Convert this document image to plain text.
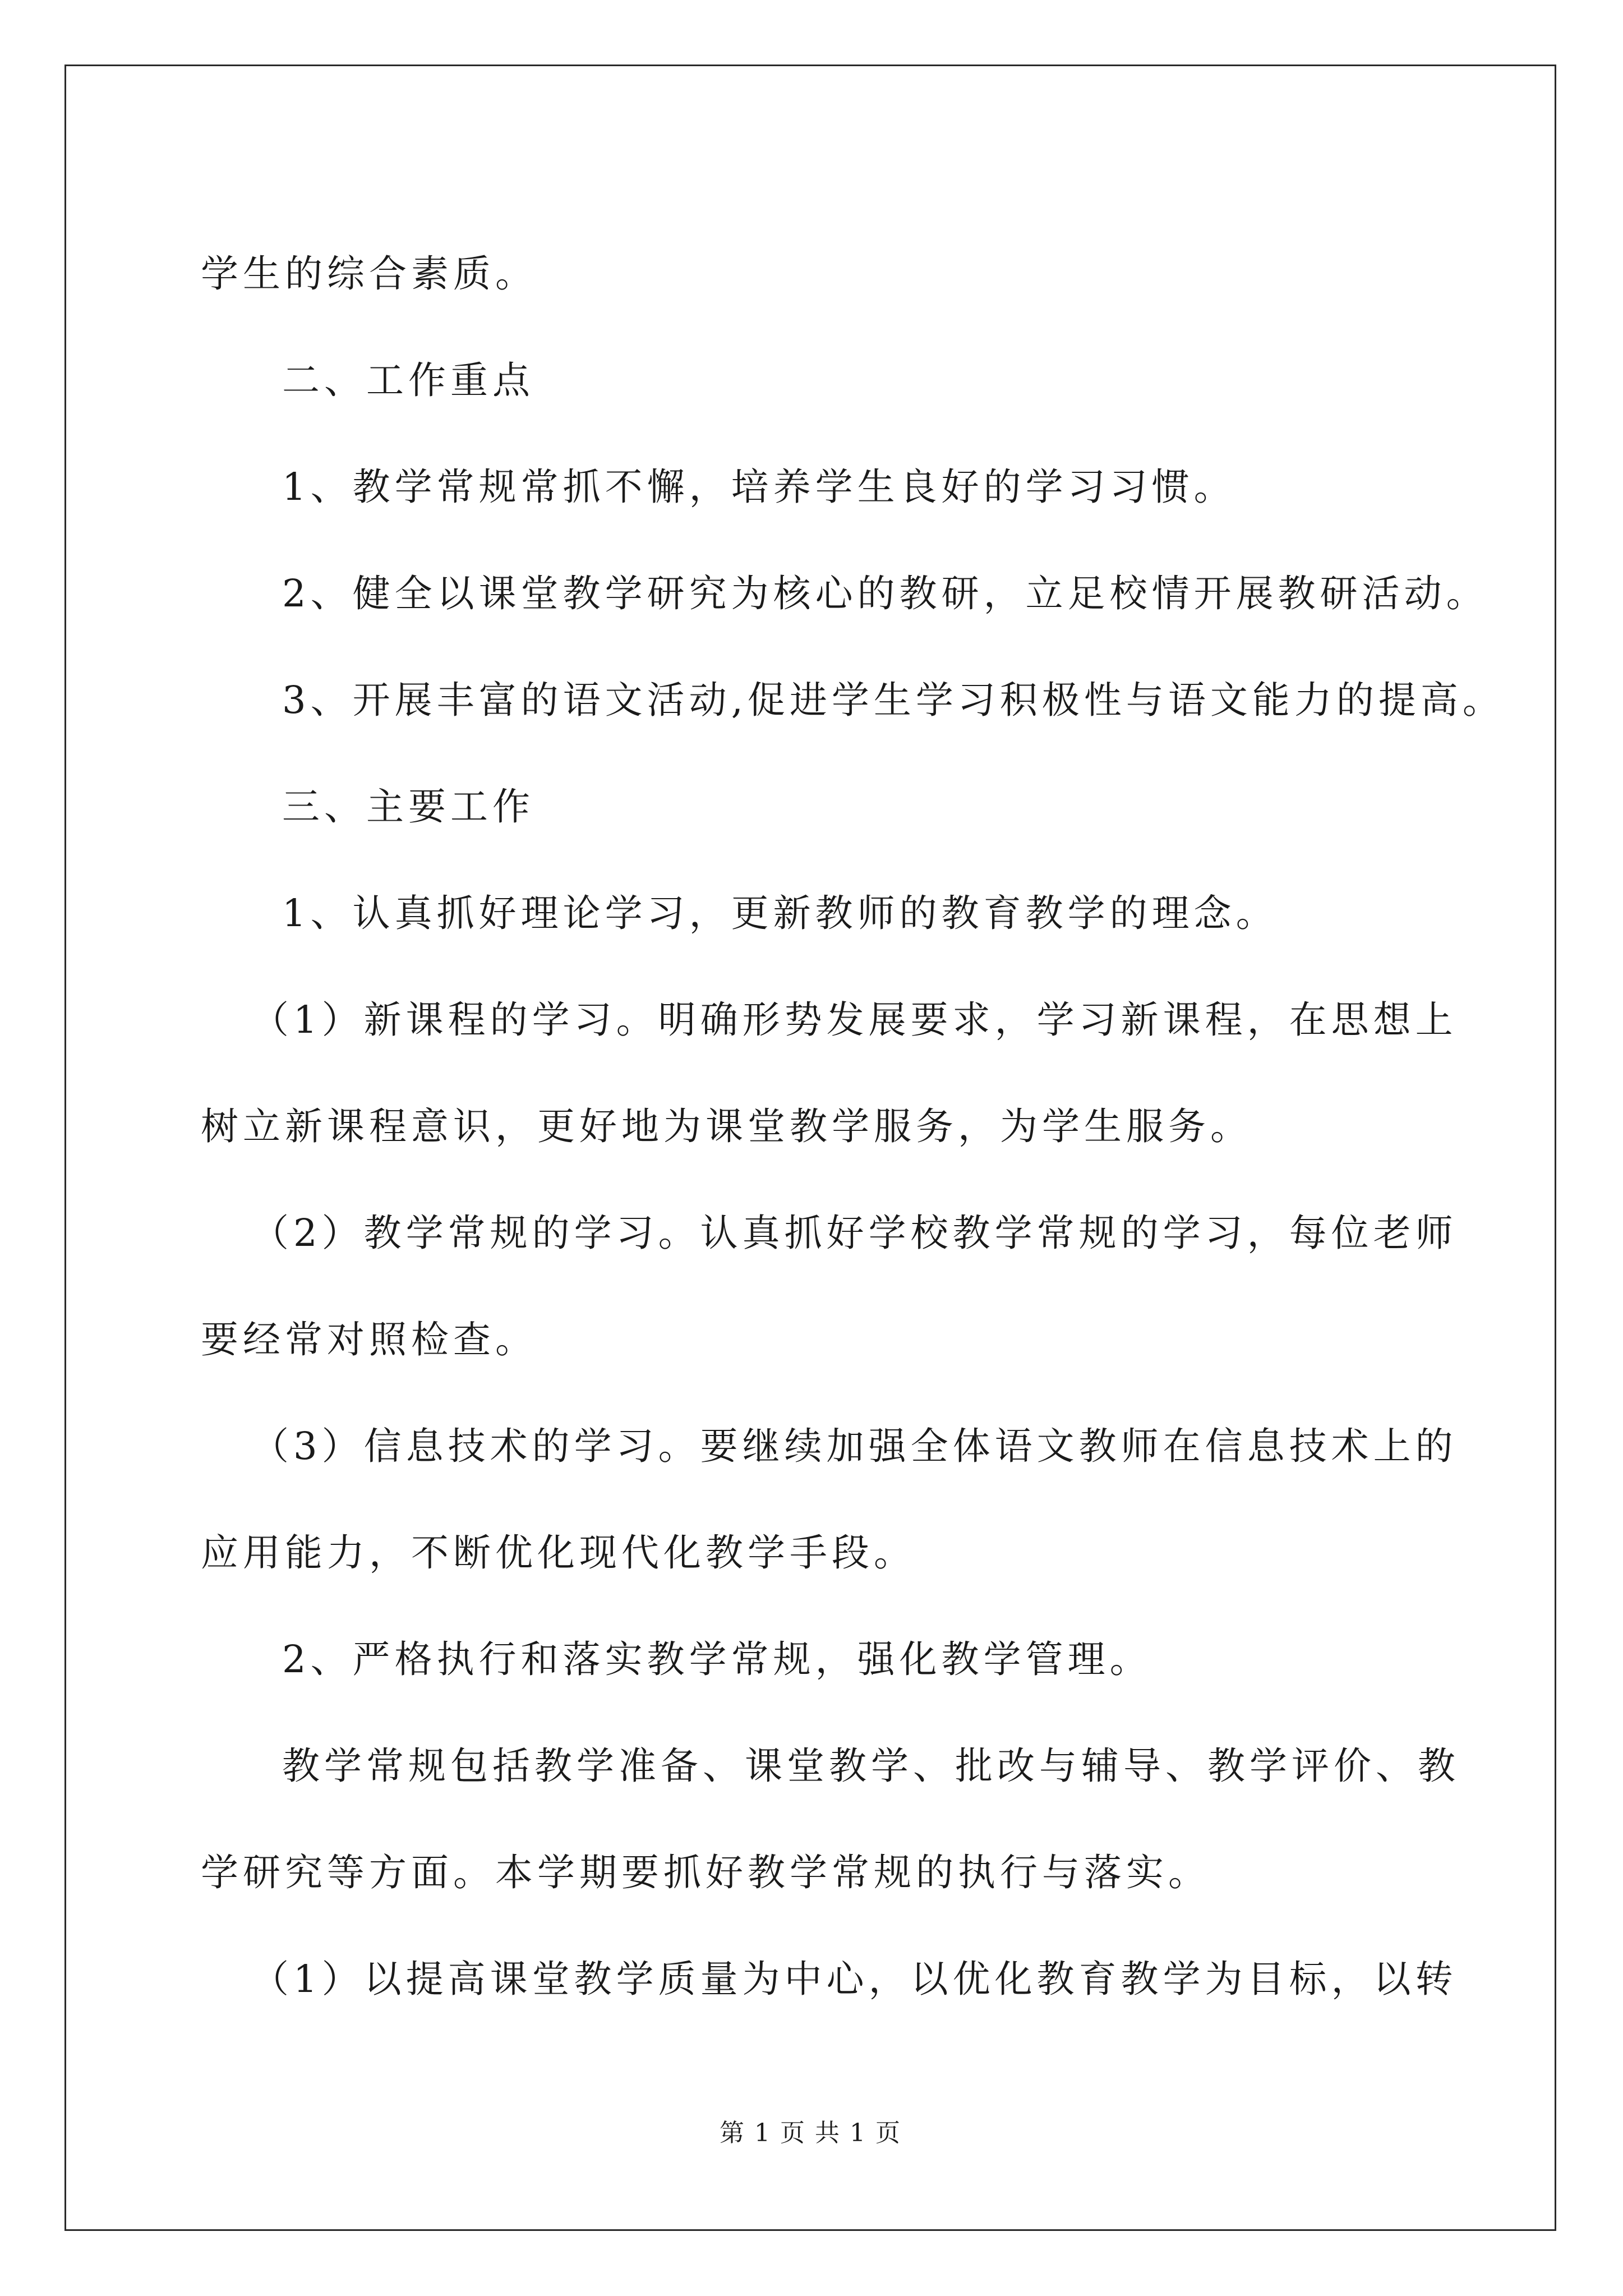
学生的综合素质。
二、工作重点
1、教学常规常抓不懈，培养学生良好的学习习惯。
2、健全以课堂教学研究为核心的教研，立足校情开展教研活动。
3、开展丰富的语文活动,促进学生学习积极性与语文能力的提高。
三、主要工作
1、认真抓好理论学习，更新教师的教育教学的理念。
（1）新课程的学习。明确形势发展要求，学习新课程，在思想上
树立新课程意识，更好地为课堂教学服务，为学生服务。
（2）教学常规的学习。认真抓好学校教学常规的学习，每位老师
要经常对照检查。
（3）信息技术的学习。要继续加强全体语文教师在信息技术上的
应用能力，不断优化现代化教学手段。
2、严格执行和落实教学常规，强化教学管理。
教学常规包括教学准备、课堂教学、批改与辅导、教学评价、教
学研究等方面。本学期要抓好教学常规的执行与落实。
（1）以提高课堂教学质量为中心，以优化教育教学为目标，以转
第 1 页 共 1 页
